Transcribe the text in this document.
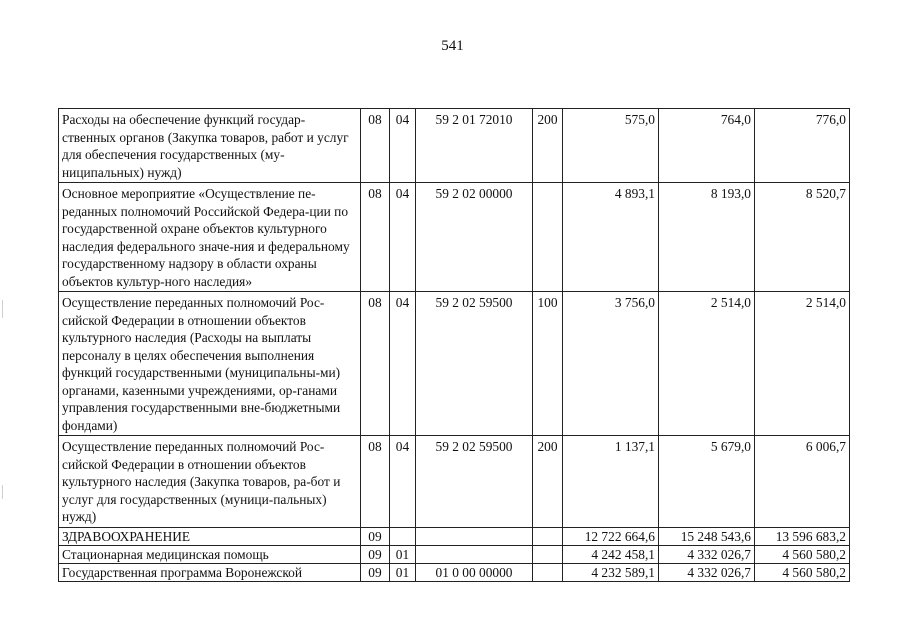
541
Расходы на обеспечение функций государ-ственных органов (Закупка товаров, работ и услуг для обеспечения государственных (му-ниципальных) нужд)	08	04	59 2 01 72010	200	575,0	764,0	776,0
Основное мероприятие «Осуществление пе-реданных полномочий Российской Федера-ции по государственной охране объектов культурного наследия федерального значе-ния и федеральному государственному надзору в области охраны объектов культур-ного наследия»	08	04	59 2 02 00000		4 893,1	8 193,0	8 520,7
Осуществление переданных полномочий Рос-сийской Федерации в отношении объектов культурного наследия (Расходы на выплаты персоналу в целях обеспечения выполнения функций государственными (муниципальны-ми) органами, казенными учреждениями, ор-ганами управления государственными вне-бюджетными фондами)	08	04	59 2 02 59500	100	3 756,0	2 514,0	2 514,0
Осуществление переданных полномочий Рос-сийской Федерации в отношении объектов культурного наследия (Закупка товаров, ра-бот и услуг для государственных (муници-пальных) нужд)	08	04	59 2 02 59500	200	1 137,1	5 679,0	6 006,7
ЗДРАВООХРАНЕНИЕ	09				12 722 664,6	15 248 543,6	13 596 683,2
Стационарная медицинская помощь	09	01			4 242 458,1	4 332 026,7	4 560 580,2
Государственная программа Воронежской	09	01	01 0 00 00000		4 232 589,1	4 332 026,7	4 560 580,2
